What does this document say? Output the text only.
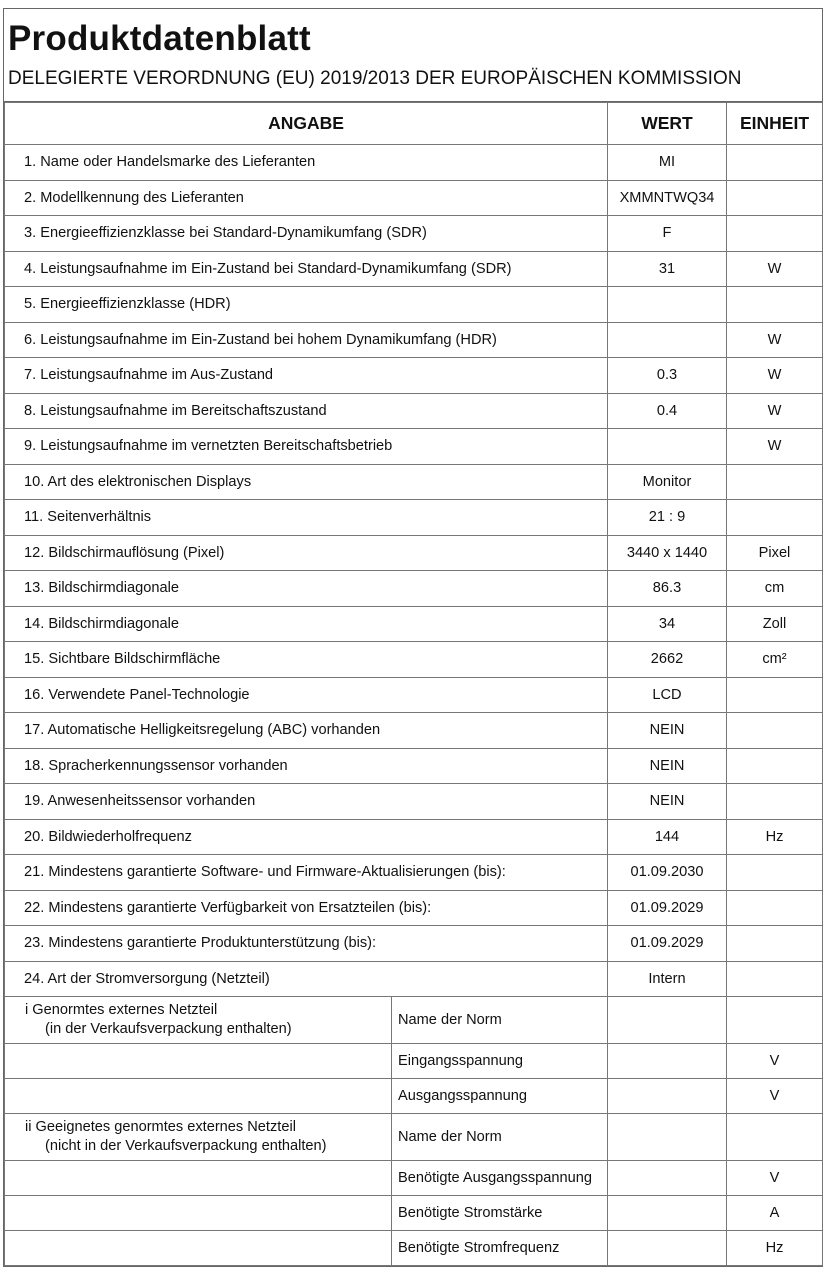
Produktdatenblatt
DELEGIERTE VERORDNUNG (EU) 2019/2013 DER EUROPÄISCHEN KOMMISSION
ANGABE		WERT	EINHEIT
1. Name oder Handelsmarke des Lieferanten		MI	
2. Modellkennung des Lieferanten		XMMNTWQ34	
3. Energieeffizienzklasse bei Standard-Dynamikumfang (SDR)		F	
4. Leistungsaufnahme im Ein-Zustand bei Standard-Dynamikumfang (SDR)		31	W
5. Energieeffizienzklasse (HDR)			
6. Leistungsaufnahme im Ein-Zustand bei hohem Dynamikumfang (HDR)			W
7. Leistungsaufnahme im Aus-Zustand		0.3	W
8. Leistungsaufnahme im Bereitschaftszustand		0.4	W
9. Leistungsaufnahme im vernetzten Bereitschaftsbetrieb			W
10. Art des elektronischen Displays		Monitor	
11. Seitenverhältnis		21 : 9	
12. Bildschirmauflösung (Pixel)		3440 x 1440	Pixel
13. Bildschirmdiagonale		86.3	cm
14. Bildschirmdiagonale		34	Zoll
15. Sichtbare Bildschirmfläche		2662	cm²
16. Verwendete Panel-Technologie		LCD	
17. Automatische Helligkeitsregelung (ABC) vorhanden		NEIN	
18. Spracherkennungssensor vorhanden		NEIN	
19. Anwesenheitssensor vorhanden		NEIN	
20. Bildwiederholfrequenz		144	Hz
21. Mindestens garantierte Software- und Firmware-Aktualisierungen (bis):		01.09.2030	
22. Mindestens garantierte Verfügbarkeit von Ersatzteilen (bis):		01.09.2029	
23. Mindestens garantierte Produktunterstützung (bis):		01.09.2029	
24. Art der Stromversorgung (Netzteil)		Intern	
i Genormtes externes Netzteil
(in der Verkaufsverpackung enthalten)	Name der Norm		
	Eingangsspannung		V
	Ausgangsspannung		V
ii Geeignetes genormtes externes Netzteil
(nicht in der Verkaufsverpackung enthalten)	Name der Norm		
	Benötigte Ausgangsspannung		V
	Benötigte Stromstärke		A
	Benötigte Stromfrequenz		Hz
